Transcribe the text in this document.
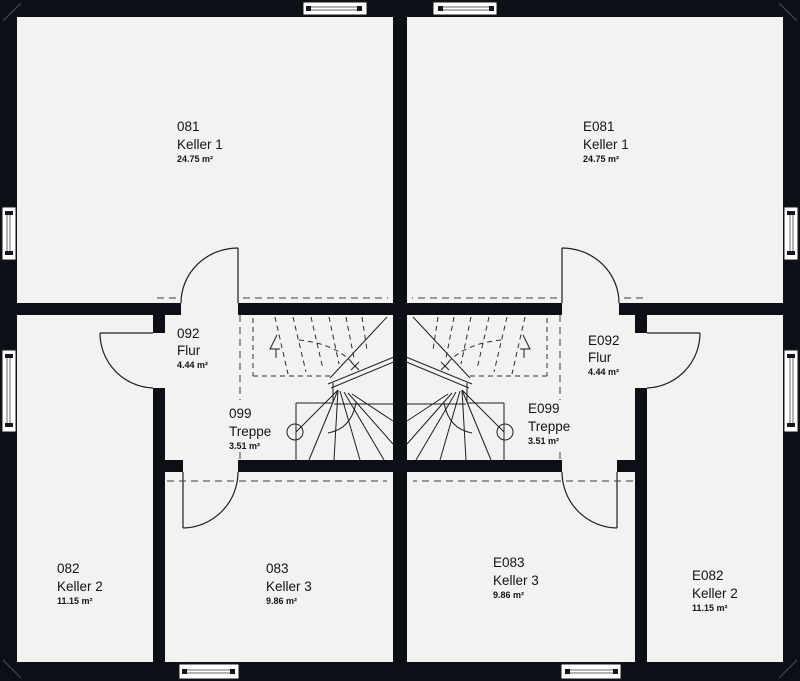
081
Keller 1
24.75 m²
092
Flur
4.44 m²
099
Treppe
3.51 m²
082
Keller 2
11.15 m²
083
Keller 3
9.86 m²
E081
Keller 1
24.75 m²
E092
Flur
4.44 m²
E099
Treppe
3.51 m²
E083
Keller 3
9.86 m²
E082
Keller 2
11.15 m²
